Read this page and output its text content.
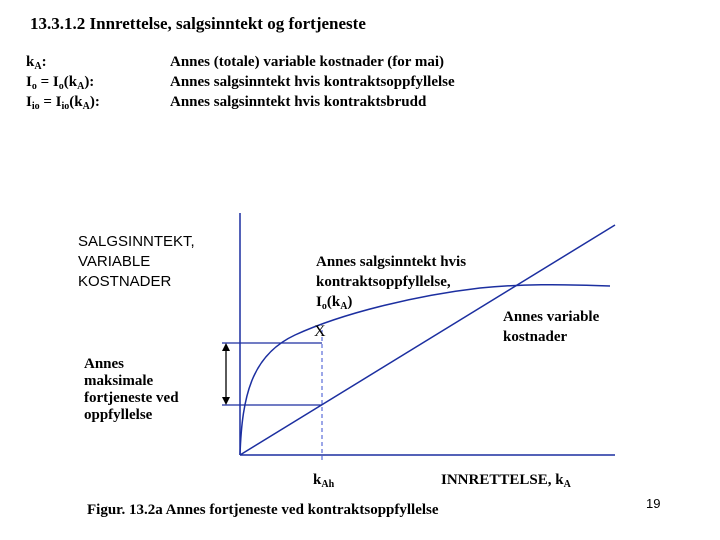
13.3.1.2 Innrettelse, salgsinntekt og fortjeneste
$k_A$:
$I_o = I_o(k_A)$:
$I_{io} = I_{io}(k_A)$:
Annes (totale) variable kostnader (for mai)
Annes salgsinntekt hvis kontraktsoppfyllelse
Annes salgsinntekt hvis kontraktsbrudd
SALGSINNTEKT,
VARIABLE
KOSTNADER
Annes salgsinntekt hvis
kontraktsoppfyllelse,
$I_o(k_A)$
X
Annes variable
kostnader
Annes
maksimale
fortjeneste ved
oppfyllelse
$k_{Ah}$	INNRETTELSE, $k_A$
Figur. 13.2a Annes fortjeneste ved kontraktsoppfyllelse	19
